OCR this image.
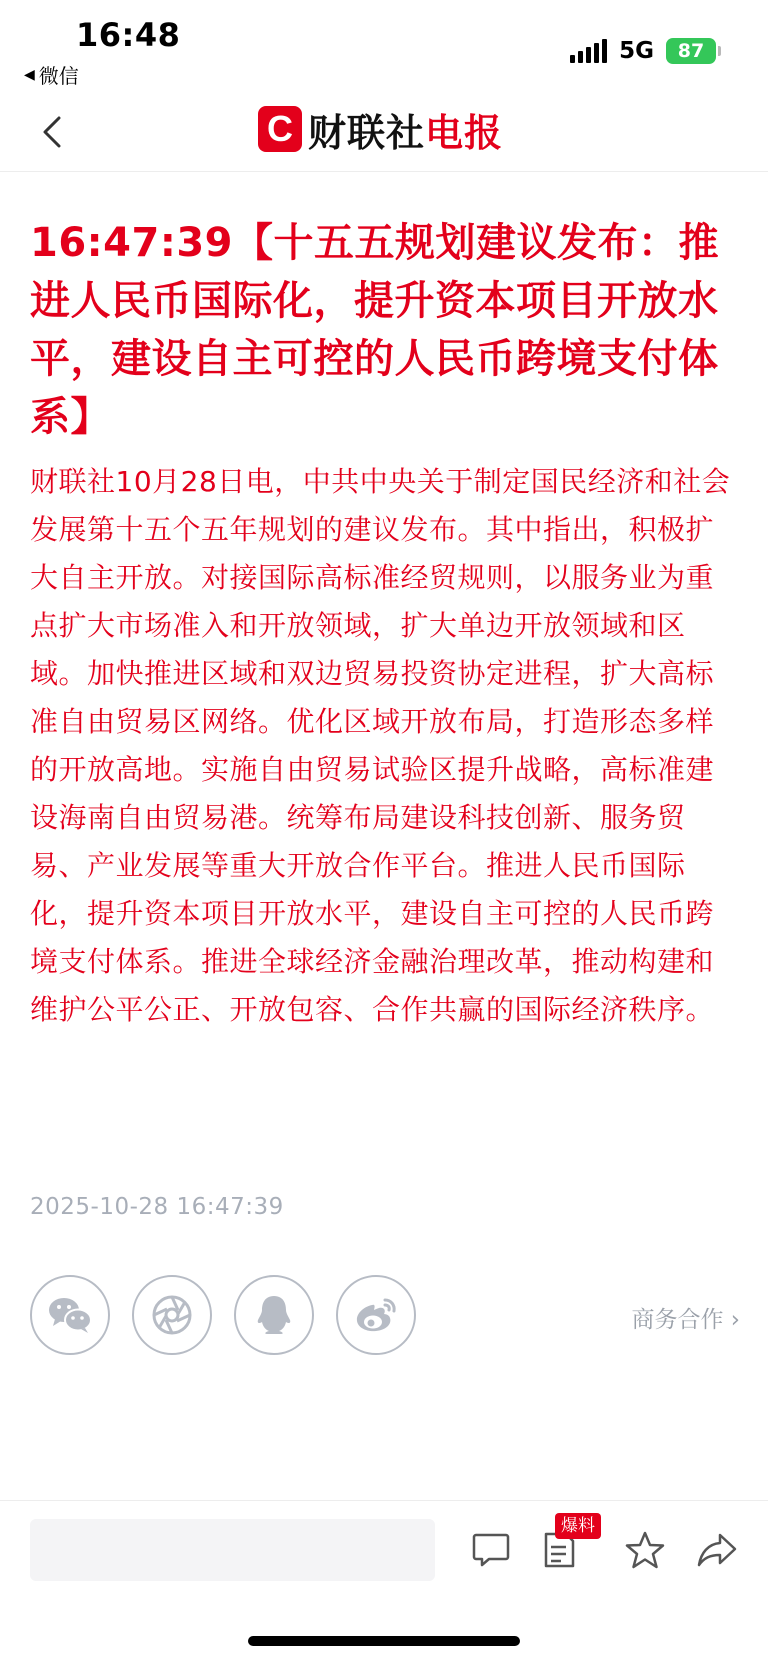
16:48
◀ 微信
5G 87
C 财联社电报
16:47:39【十五五规划建议发布：推进人民币国际化，提升资本项目开放水平，建设自主可控的人民币跨境支付体系】

财联社10月28日电，中共中央关于制定国民经济和社会发展第十五个五年规划的建议发布。其中指出，积极扩大自主开放。对接国际高标准经贸规则，以服务业为重点扩大市场准入和开放领域，扩大单边开放领域和区域。加快推进区域和双边贸易投资协定进程，扩大高标准自由贸易区网络。优化区域开放布局，打造形态多样的开放高地。实施自由贸易试验区提升战略，高标准建设海南自由贸易港。统筹布局建设科技创新、服务贸易、产业发展等重大开放合作平台。推进人民币国际化，提升资本项目开放水平，建设自主可控的人民币跨境支付体系。推进全球经济金融治理改革，推动构建和维护公平公正、开放包容、合作共赢的国际经济秩序。

2025-10-28 16:47:39
商务合作 ›
爆料
